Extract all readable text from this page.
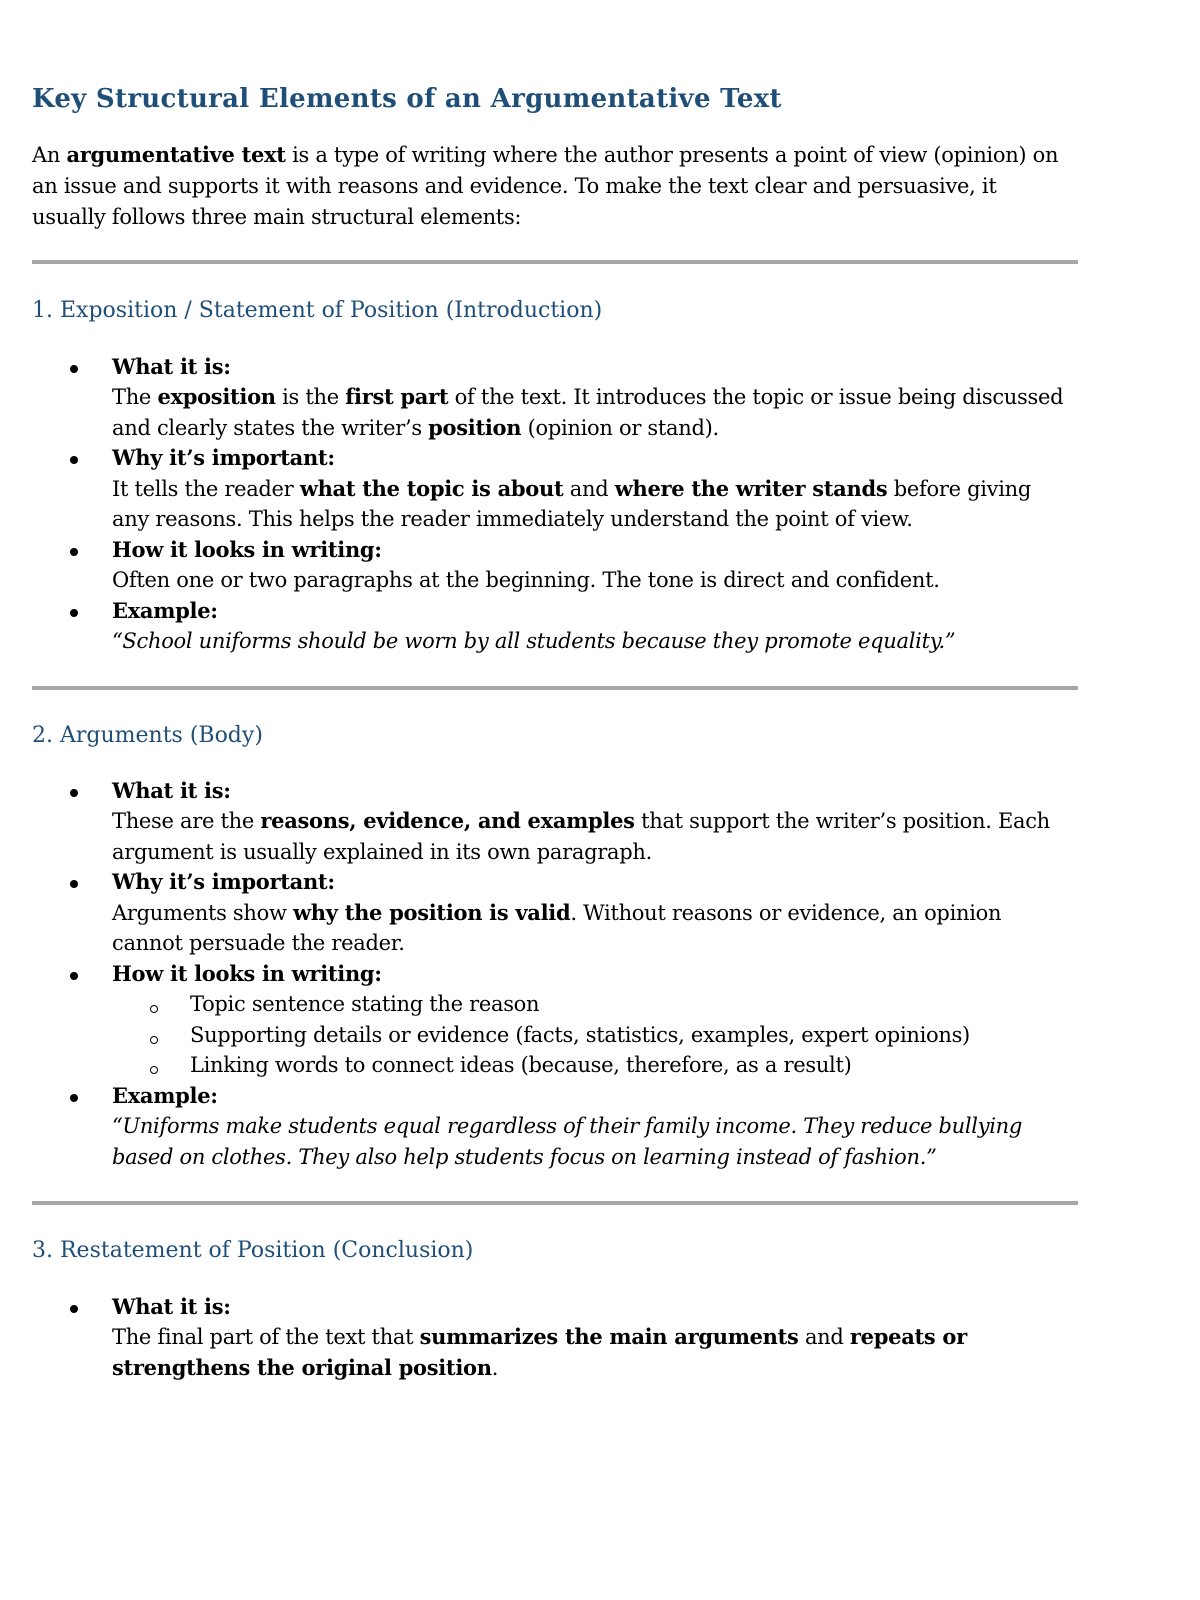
Key Structural Elements of an Argumentative Text

An argumentative text is a type of writing where the author presents a point of view (opinion) on an issue and supports it with reasons and evidence. To make the text clear and persuasive, it usually follows three main structural elements:

1. Exposition / Statement of Position (Introduction)
What it is:
The exposition is the first part of the text. It introduces the topic or issue being discussed and clearly states the writer’s position (opinion or stand).
Why it’s important:
It tells the reader what the topic is about and where the writer stands before giving any reasons. This helps the reader immediately understand the point of view.
How it looks in writing:
Often one or two paragraphs at the beginning. The tone is direct and confident.
Example:
“School uniforms should be worn by all students because they promote equality.”
2. Arguments (Body)
What it is:
These are the reasons, evidence, and examples that support the writer’s position. Each argument is usually explained in its own paragraph.
Why it’s important:
Arguments show why the position is valid. Without reasons or evidence, an opinion cannot persuade the reader.
How it looks in writing:
Topic sentence stating the reason
Supporting details or evidence (facts, statistics, examples, expert opinions)
Linking words to connect ideas (because, therefore, as a result)
Example:
“Uniforms make students equal regardless of their family income. They reduce bullying based on clothes. They also help students focus on learning instead of fashion.”
3. Restatement of Position (Conclusion)
What it is:
The final part of the text that summarizes the main arguments and repeats or strengthens the original position.
